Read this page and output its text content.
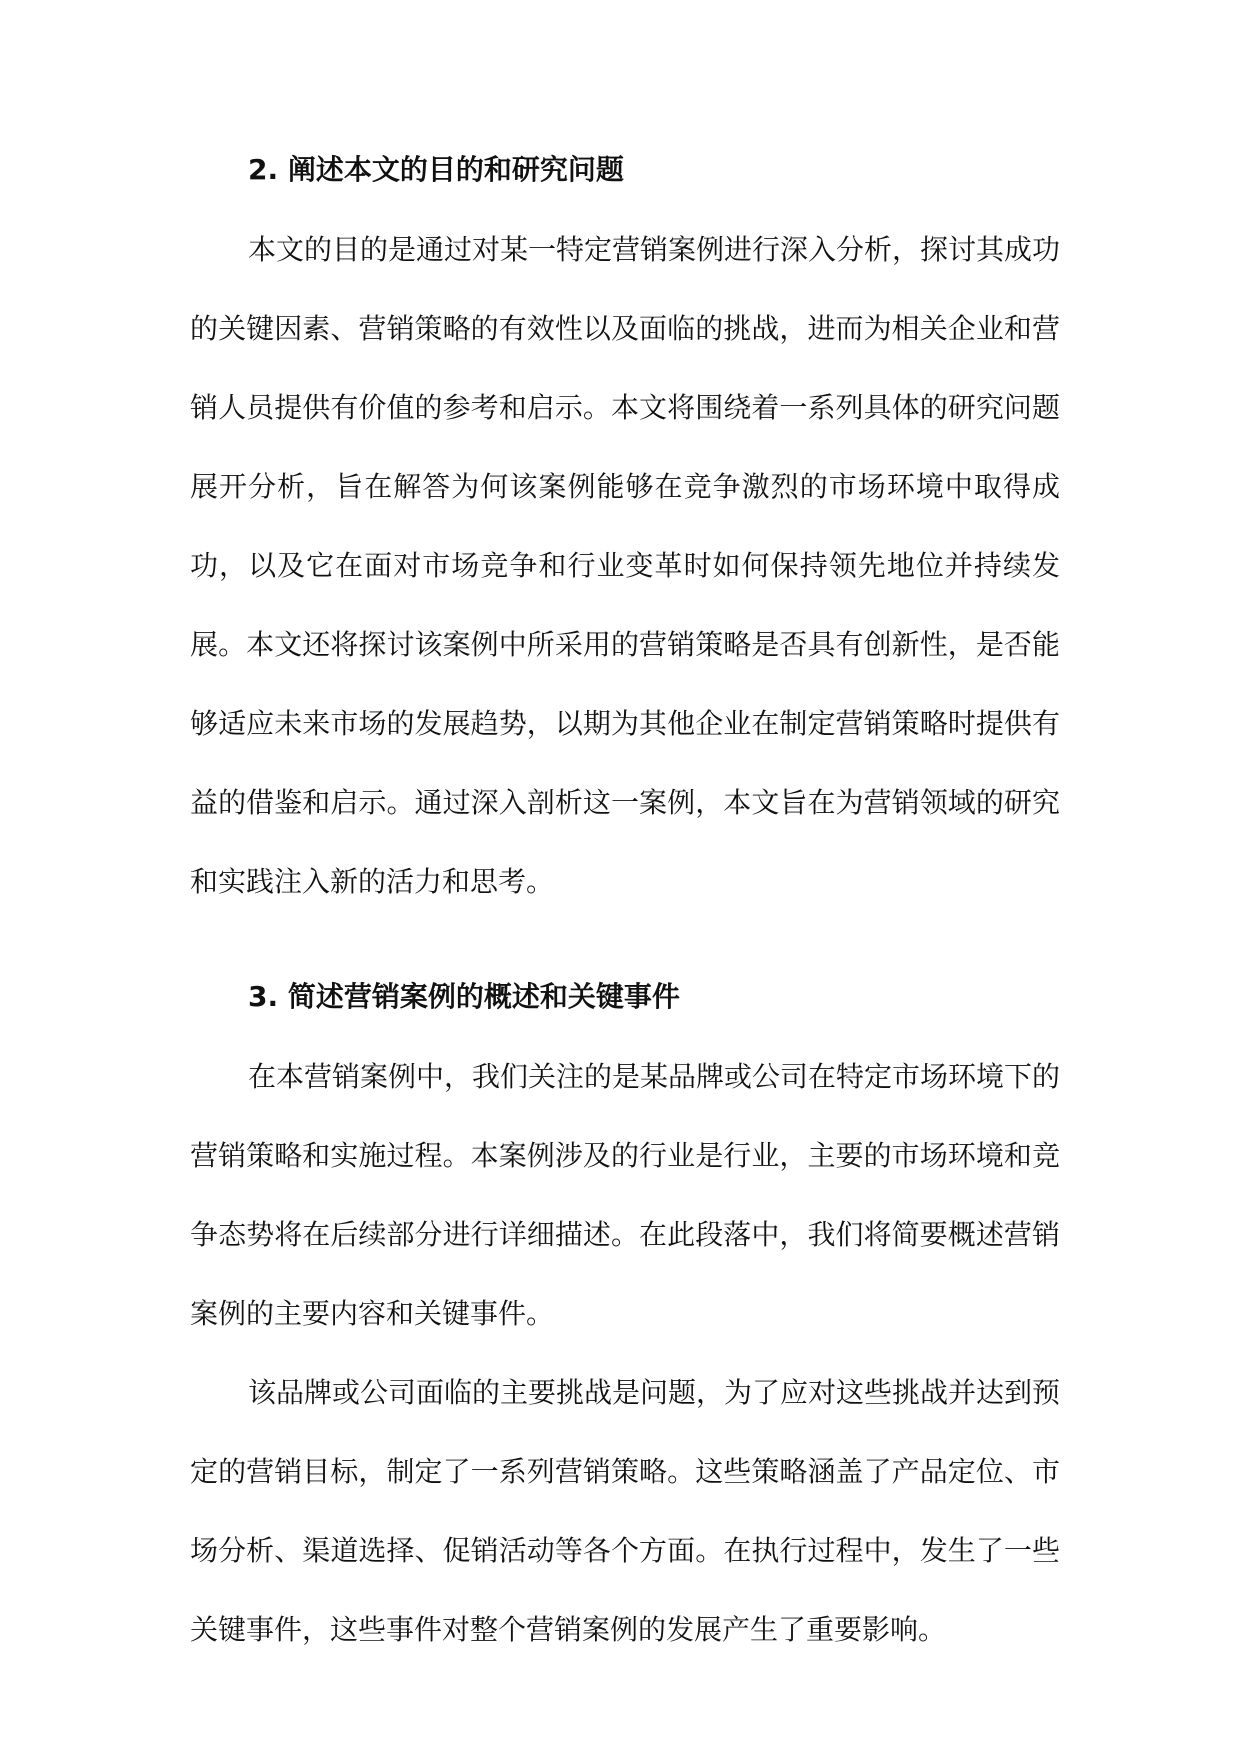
2. 阐述本文的目的和研究问题

本文的目的是通过对某一特定营销案例进行深入分析，探讨其成功的关键因素、营销策略的有效性以及面临的挑战，进而为相关企业和营销人员提供有价值的参考和启示。本文将围绕着一系列具体的研究问题展开分析，旨在解答为何该案例能够在竞争激烈的市场环境中取得成功，以及它在面对市场竞争和行业变革时如何保持领先地位并持续发展。本文还将探讨该案例中所采用的营销策略是否具有创新性，是否能够适应未来市场的发展趋势，以期为其他企业在制定营销策略时提供有益的借鉴和启示。通过深入剖析这一案例，本文旨在为营销领域的研究和实践注入新的活力和思考。

3. 简述营销案例的概述和关键事件

在本营销案例中，我们关注的是某品牌或公司在特定市场环境下的营销策略和实施过程。本案例涉及的行业是行业，主要的市场环境和竞争态势将在后续部分进行详细描述。在此段落中，我们将简要概述营销案例的主要内容和关键事件。

该品牌或公司面临的主要挑战是问题，为了应对这些挑战并达到预定的营销目标，制定了一系列营销策略。这些策略涵盖了产品定位、市场分析、渠道选择、促销活动等各个方面。在执行过程中，发生了一些关键事件，这些事件对整个营销案例的发展产生了重要影响。
